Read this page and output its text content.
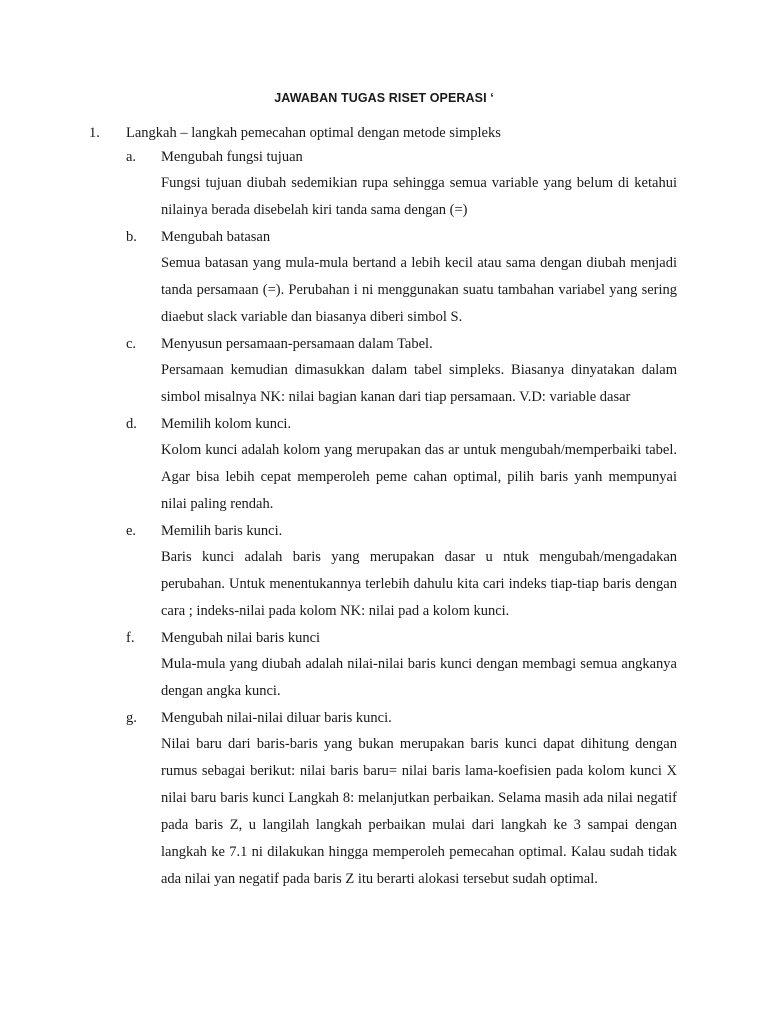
JAWABAN TUGAS RISET OPERASI ‘
1. Langkah – langkah pemecahan optimal dengan metode simpleks
a. Mengubah fungsi tujuan
Fungsi tujuan diubah sedemikian rupa sehingga semua variable yang belum di ketahui nilainya berada disebelah kiri tanda sama dengan (=)
b. Mengubah batasan
Semua batasan yang mula-mula bertand a lebih kecil atau sama dengan diubah menjadi tanda persamaan (=). Perubahan i ni menggunakan suatu tambahan variabel yang sering diaebut slack variable dan biasanya diberi simbol S.
c. Menyusun persamaan-persamaan dalam Tabel.
Persamaan kemudian dimasukkan dalam tabel simpleks. Biasanya dinyatakan dalam simbol misalnya NK: nilai bagian kanan dari tiap persamaan. V.D: variable dasar
d. Memilih kolom kunci.
Kolom kunci adalah kolom yang merupakan das ar untuk mengubah/memperbaiki tabel. Agar bisa lebih cepat memperoleh peme cahan optimal, pilih baris yanh mempunyai nilai paling rendah.
e. Memilih baris kunci.
Baris kunci adalah baris yang merupakan dasar u ntuk mengubah/mengadakan perubahan. Untuk menentukannya terlebih dahulu kita cari indeks tiap-tiap baris dengan cara ; indeks-nilai pada kolom NK: nilai pad a kolom kunci.
f. Mengubah nilai baris kunci
Mula-mula yang diubah adalah nilai-nilai baris kunci dengan membagi semua angkanya dengan angka kunci.
g. Mengubah nilai-nilai diluar baris kunci.
Nilai baru dari baris-baris yang bukan merupakan baris kunci dapat dihitung dengan rumus sebagai berikut: nilai baris baru= nilai baris lama-koefisien pada kolom kunci X nilai baru baris kunci Langkah 8: melanjutkan perbaikan. Selama masih ada nilai negatif pada baris Z, u langilah langkah perbaikan mulai dari langkah ke 3 sampai dengan langkah ke 7.1 ni dilakukan hingga memperoleh pemecahan optimal. Kalau sudah tidak ada nilai yan negatif pada baris Z itu berarti alokasi tersebut sudah optimal.
